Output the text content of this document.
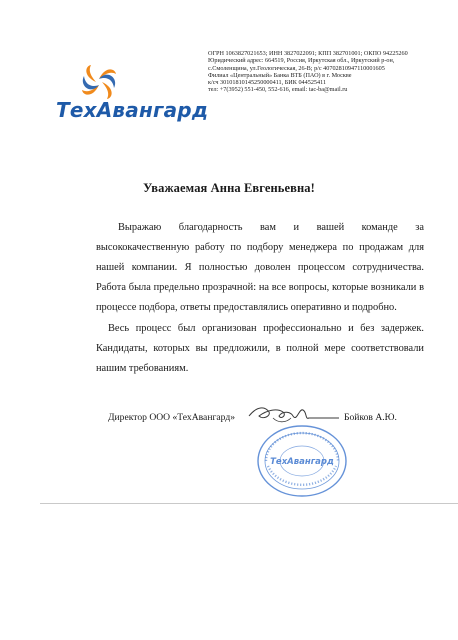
ТехАвангард
ОГРН 1063827021653; ИНН 3827022091; КПП 382701001; ОКПО 94225260
Юридический адрес: 664519, Россия, Иркутская обл., Иркутский р-он,
с.Смоленщина, ул.Геологическая, 26-В; р/с 40702810947110001605
Филиал «Центральный» Банка ВТБ (ПАО) в г. Москве
к/сч 30101810145250000411, БИК 044525411
тел: +7(3952) 551-450, 552-616, email: tac-ba@mail.ru
Уважаемая Анна Евгеньевна!
Выражаю благодарность вам и вашей команде за высококачественную работу по подбору менеджера по продажам для нашей компании. Я полностью доволен процессом сотрудничества. Работа была предельно прозрачной: на все вопросы, которые возникали в процессе подбора, ответы предоставлялись оперативно и подробно.
Весь процесс был организован профессионально и без задержек. Кандидаты, которых вы предложили, в полной мере соответствовали нашим требованиям.
Директор ООО «ТехАвангард»	Бойков А.Ю.
ТехАвангард
